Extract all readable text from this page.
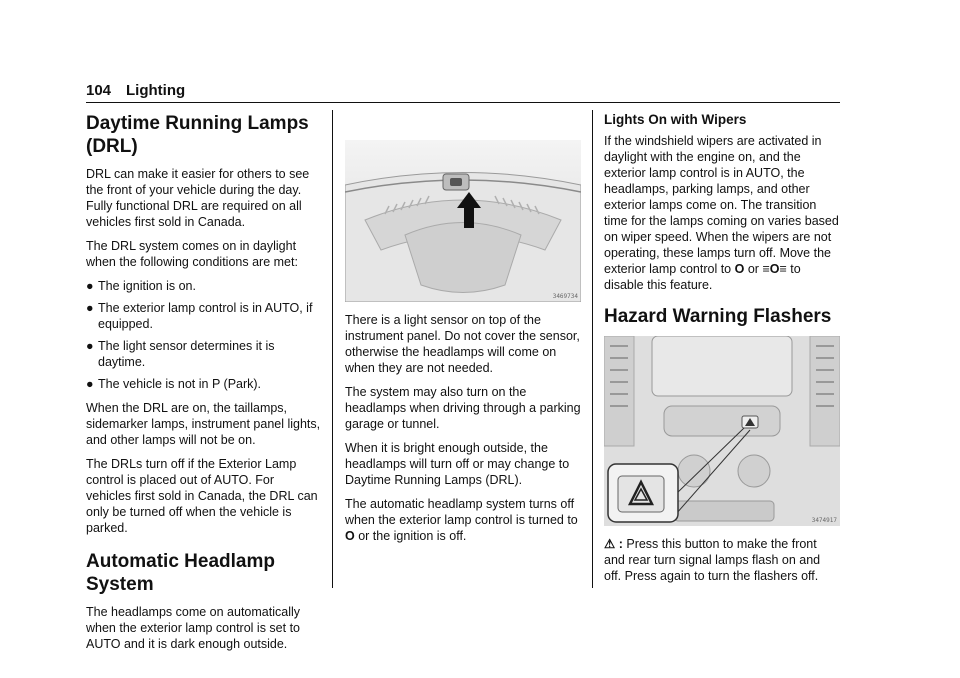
104 Lighting
Daytime Running Lamps (DRL)

DRL can make it easier for others to see the front of your vehicle during the day. Fully functional DRL are required on all vehicles first sold in Canada.

The DRL system comes on in daylight when the following conditions are met:

● The ignition is on.
● The exterior lamp control is in AUTO, if equipped.
● The light sensor determines it is daytime.
● The vehicle is not in P (Park).

When the DRL are on, the taillamps, sidemarker lamps, instrument panel lights, and other lamps will not be on.

The DRLs turn off if the Exterior Lamp control is placed out of AUTO. For vehicles first sold in Canada, the DRL can only be turned off when the vehicle is parked.

Automatic Headlamp System

The headlamps come on automatically when the exterior lamp control is set to AUTO and it is dark enough outside.

3469734

There is a light sensor on top of the instrument panel. Do not cover the sensor, otherwise the headlamps will come on when they are not needed.

The system may also turn on the headlamps when driving through a parking garage or tunnel.

When it is bright enough outside, the headlamps will turn off or may change to Daytime Running Lamps (DRL).

The automatic headlamp system turns off when the exterior lamp control is turned to O or the ignition is off.

Lights On with Wipers

If the windshield wipers are activated in daylight with the engine on, and the exterior lamp control is in AUTO, the headlamps, parking lamps, and other exterior lamps come on. The transition time for the lamps coming on varies based on wiper speed. When the wipers are not operating, these lamps turn off. Move the exterior lamp control to O or ≡O≡ to disable this feature.

Hazard Warning Flashers
3474917

⚠ : Press this button to make the front and rear turn signal lamps flash on and off. Press again to turn the flashers off.
